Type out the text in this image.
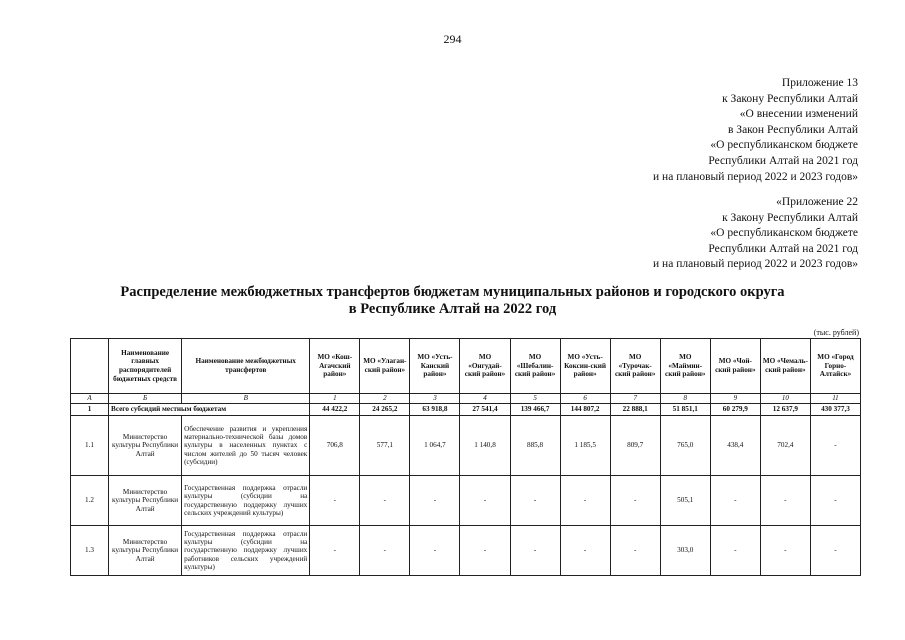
294
Приложение 13
к Закону Республики Алтай
«О внесении изменений
в Закон Республики Алтай
«О республиканском бюджете
Республики Алтай на 2021 год
и на плановый период 2022 и 2023 годов»
«Приложение 22
к Закону Республики Алтай
«О республиканском бюджете
Республики Алтай на 2021 год
и на плановый период 2022 и 2023 годов»
Распределение межбюджетных трансфертов бюджетам муниципальных районов и городского округа
в Республике Алтай на 2022 год
(тыс. рублей)
	Наименование главных распорядителей бюджетных средств	Наименование межбюджетных трансфертов	МО «Кош-Агачский район»	МО «Улаган-ский район»	МО «Усть-Канский район»	МО «Онгудай-ский район»	МО «Шебалин-ский район»	МО «Усть-Коксин-ский район»	МО «Турочак-ский район»	МО «Маймин-ский район»	МО «Чой-ский район»	МО «Чемаль-ский район»	МО «Город Горно-Алтайск»
А	Б	В	1	2	3	4	5	6	7	8	9	10	11
1	Всего субсидий местным бюджетам		44 422,2	24 265,2	63 918,8	27 541,4	139 466,7	144 807,2	22 888,1	51 851,1	60 279,9	12 637,9	430 377,3
1.1	Министерство культуры Республики Алтай	Обеспечение развития и укрепления материально-технической базы домов культуры в населенных пунктах с числом жителей до 50 тысяч человек (субсидии)	706,8	577,1	1 064,7	1 140,8	885,8	1 185,5	809,7	765,0	438,4	702,4	-
1.2	Министерство культуры Республики Алтай	Государственная поддержка отрасли культуры (субсидии на государственную поддержку лучших сельских учреждений культуры)	-	-	-	-	-	-	-	505,1	-	-	-
1.3	Министерство культуры Республики Алтай	Государственная поддержка отрасли культуры (субсидии на государственную поддержку лучших работников сельских учреждений культуры)	-	-	-	-	-	-	-	303,0	-	-	-
